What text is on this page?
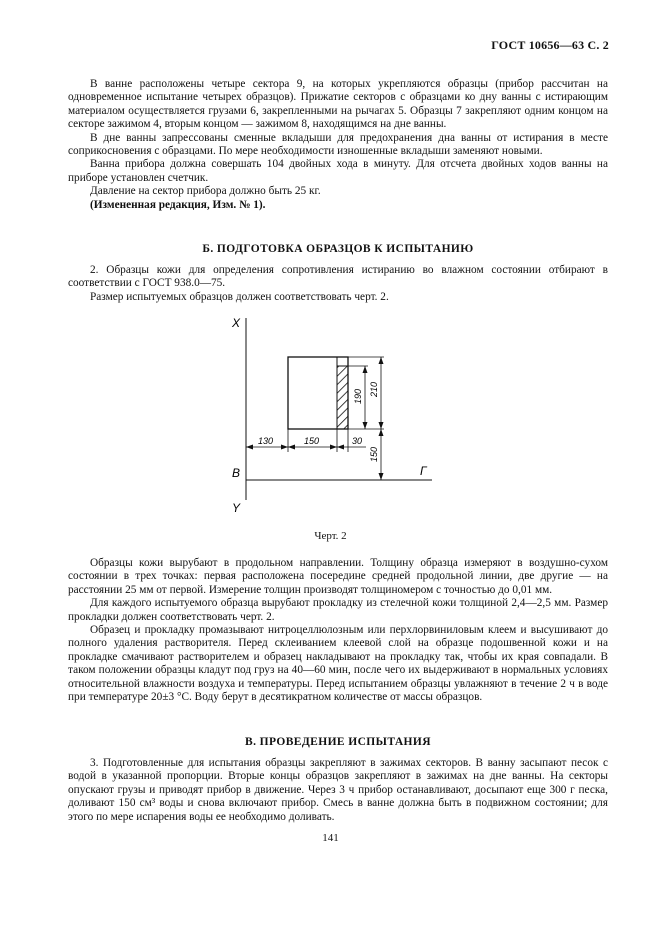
ГОСТ 10656—63 С. 2

В ванне расположены четыре сектора 9, на которых укрепляются образцы (прибор рассчитан на одновременное испытание четырех образцов). Прижатие секторов с образцами ко дну ванны с истирающим материалом осуществляется грузами 6, закрепленными на рычагах 5. Образцы 7 закрепляют одним концом на секторе зажимом 4, вторым концом — зажимом 8, находящимся на дне ванны.

В дне ванны запрессованы сменные вкладыши для предохранения дна ванны от истирания в месте соприкосновения с образцами. По мере необходимости изношенные вкладыши заменяют новыми.

Ванна прибора должна совершать 104 двойных хода в минуту. Для отсчета двойных ходов ванны на приборе установлен счетчик.

Давление на сектор прибора должно быть 25 кг.

(Измененная редакция, Изм. № 1).

Б. ПОДГОТОВКА ОБРАЗЦОВ К ИСПЫТАНИЮ

2. Образцы кожи для определения сопротивления истиранию во влажном состоянии отбирают в соответствии с ГОСТ 938.0—75.

Размер испытуемых образцов должен соответствовать черт. 2.

X
Y
В	Г
130	150	30
190 210
150
Черт. 2

Образцы кожи вырубают в продольном направлении. Толщину образца измеряют в воздушно-сухом состоянии в трех точках: первая расположена посередине средней продольной линии, две другие — на расстоянии 25 мм от первой. Измерение толщин производят толщиномером с точностью до 0,01 мм.

Для каждого испытуемого образца вырубают прокладку из стелечной кожи толщиной 2,4—2,5 мм. Размер прокладки должен соответствовать черт. 2.

Образец и прокладку промазывают нитроцеллюлозным или перхлорвиниловым клеем и высушивают до полного удаления растворителя. Перед склеиванием клеевой слой на образце подошвенной кожи и на прокладке смачивают растворителем и образец накладывают на прокладку так, чтобы их края совпадали. В таком положении образцы кладут под груз на 40—60 мин, после чего их выдерживают в нормальных условиях относительной влажности воздуха и температуры. Перед испытанием образцы увлажняют в течение 2 ч в воде при температуре 20±3 °С. Воду берут в десятикратном количестве от массы образцов.

В. ПРОВЕДЕНИЕ ИСПЫТАНИЯ

3. Подготовленные для испытания образцы закрепляют в зажимах секторов. В ванну засыпают песок с водой в указанной пропорции. Вторые концы образцов закрепляют в зажимах на дне ванны. На секторы опускают грузы и приводят прибор в движение. Через 3 ч прибор останавливают, досыпают еще 300 г песка, доливают 150 см³ воды и снова включают прибор. Смесь в ванне должна быть в подвижном состоянии; для этого по мере испарения воды ее необходимо доливать.

141
